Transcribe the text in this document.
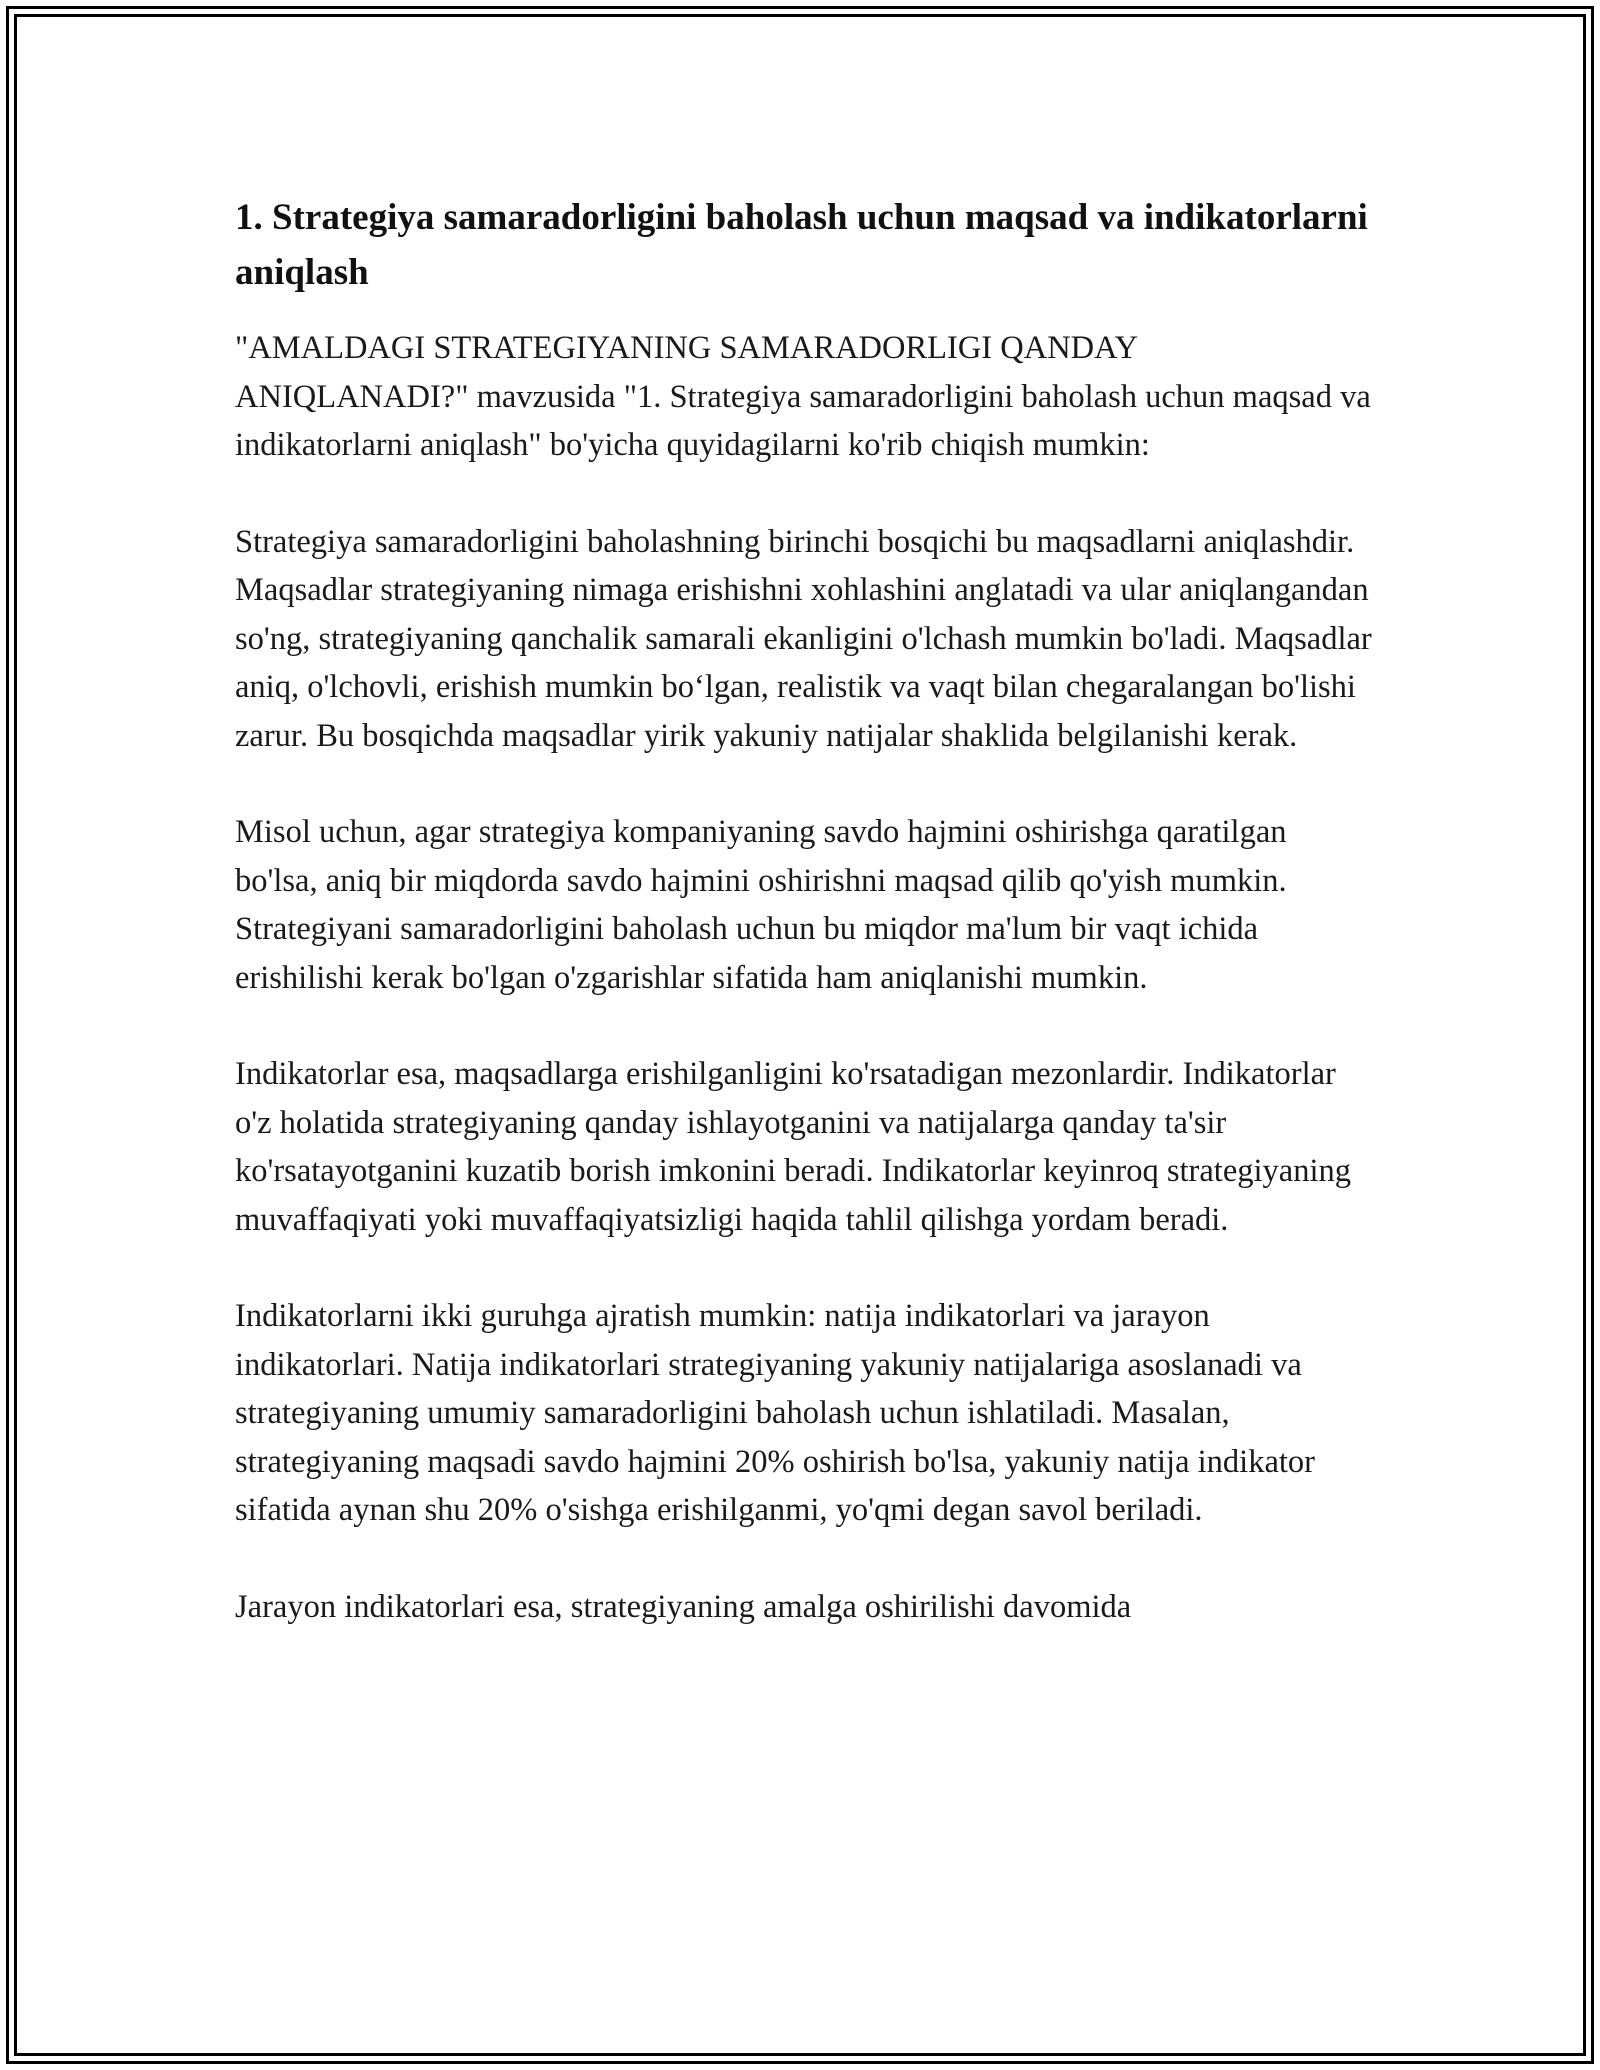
1. Strategiya samaradorligini baholash uchun maqsad va indikatorlarni aniqlash

"AMALDAGI STRATEGIYANING SAMARADORLIGI QANDAY ANIQLANADI?" mavzusida "1. Strategiya samaradorligini baholash uchun maqsad va indikatorlarni aniqlash" bo'yicha quyidagilarni ko'rib chiqish mumkin:

Strategiya samaradorligini baholashning birinchi bosqichi bu maqsadlarni aniqlashdir. Maqsadlar strategiyaning nimaga erishishni xohlashini anglatadi va ular aniqlangandan so'ng, strategiyaning qanchalik samarali ekanligini o'lchash mumkin bo'ladi. Maqsadlar aniq, o'lchovli, erishish mumkin bo‘lgan, realistik va vaqt bilan chegaralangan bo'lishi zarur. Bu bosqichda maqsadlar yirik yakuniy natijalar shaklida belgilanishi kerak.

Misol uchun, agar strategiya kompaniyaning savdo hajmini oshirishga qaratilgan bo'lsa, aniq bir miqdorda savdo hajmini oshirishni maqsad qilib qo'yish mumkin. Strategiyani samaradorligini baholash uchun bu miqdor ma'lum bir vaqt ichida erishilishi kerak bo'lgan o'zgarishlar sifatida ham aniqlanishi mumkin.

Indikatorlar esa, maqsadlarga erishilganligini ko'rsatadigan mezonlardir. Indikatorlar o'z holatida strategiyaning qanday ishlayotganini va natijalarga qanday ta'sir ko'rsatayotganini kuzatib borish imkonini beradi. Indikatorlar keyinroq strategiyaning muvaffaqiyati yoki muvaffaqiyatsizligi haqida tahlil qilishga yordam beradi.

Indikatorlarni ikki guruhga ajratish mumkin: natija indikatorlari va jarayon indikatorlari. Natija indikatorlari strategiyaning yakuniy natijalariga asoslanadi va strategiyaning umumiy samaradorligini baholash uchun ishlatiladi. Masalan, strategiyaning maqsadi savdo hajmini 20% oshirish bo'lsa, yakuniy natija indikator sifatida aynan shu 20% o'sishga erishilganmi, yo'qmi degan savol beriladi.

Jarayon indikatorlari esa, strategiyaning amalga oshirilishi davomida
